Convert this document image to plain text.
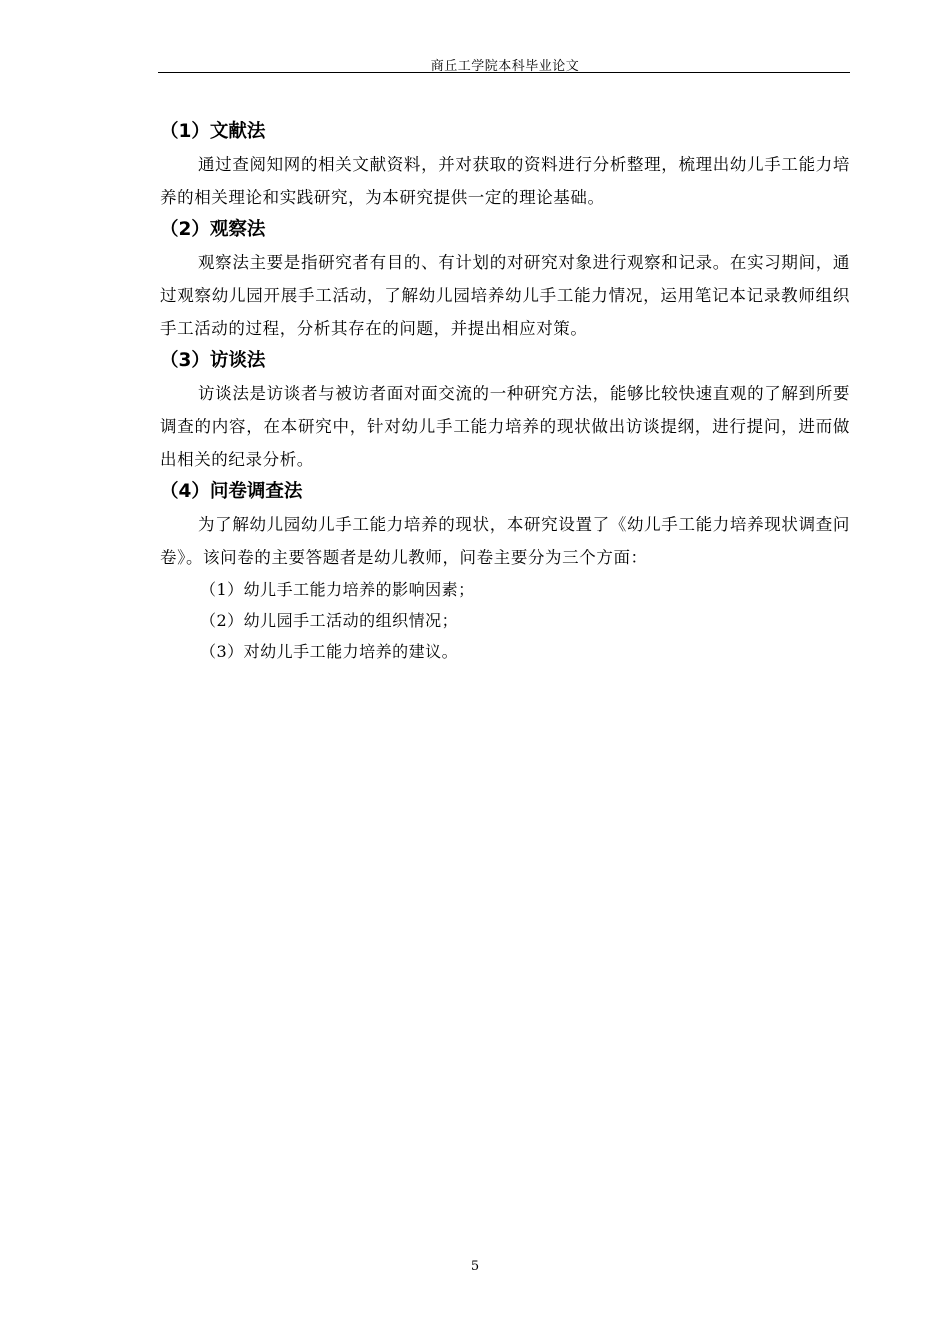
商丘工学院本科毕业论文
（1）文献法

通过查阅知网的相关文献资料，并对获取的资料进行分析整理，梳理出幼儿手工能力培养的相关理论和实践研究，为本研究提供一定的理论基础。

（2）观察法

观察法主要是指研究者有目的、有计划的对研究对象进行观察和记录。在实习期间，通过观察幼儿园开展手工活动，了解幼儿园培养幼儿手工能力情况，运用笔记本记录教师组织手工活动的过程，分析其存在的问题，并提出相应对策。

（3）访谈法

访谈法是访谈者与被访者面对面交流的一种研究方法，能够比较快速直观的了解到所要调查的内容，在本研究中，针对幼儿手工能力培养的现状做出访谈提纲，进行提问，进而做出相关的纪录分析。

（4）问卷调查法

为了解幼儿园幼儿手工能力培养的现状，本研究设置了《幼儿手工能力培养现状调查问卷》。该问卷的主要答题者是幼儿教师，问卷主要分为三个方面：

（1）幼儿手工能力培养的影响因素；
（2）幼儿园手工活动的组织情况；
（3）对幼儿手工能力培养的建议。
5
